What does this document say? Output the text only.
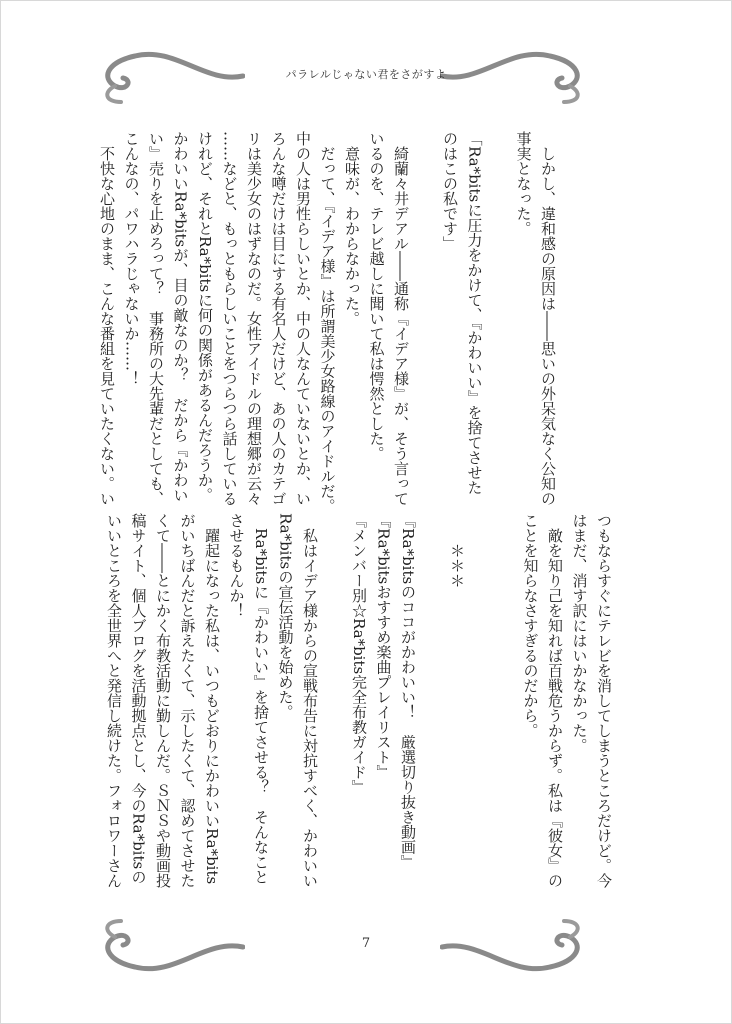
パラレルじゃない君をさがすよ
　しかし、違和感の原因は――思いの外呆気なく公知の
事実となった。
「Ra*bitsに圧力をかけて、『かわいい』を捨てさせた
のはこの私です」
　綺蘭々井デアル――通称『イデア様』が、そう言って
いるのを、テレビ越しに聞いて私は愕然とした。
　意味が、わからなかった。
　だって、『イデア様』は所謂美少女路線のアイドルだ。
中の人は男性らしいとか、中の人なんていないとか、い
ろんな噂だけは目にする有名人だけど、あの人のカテゴ
リは美少女のはずなのだ。女性アイドルの理想郷が云々
……などと、もっともらしいことをつらつら話している
けれど、それとRa*bitsに何の関係があるんだろうか。
かわいいRa*bitsが、目の敵なのか？　だから『かわい
い』売りを止めろって？　事務所の大先輩だとしても、
こんなの、パワハラじゃないか……！
　不快な心地のまま、こんな番組を見ていたくない。い
つもならすぐにテレビを消してしまうところだけど。今
はまだ、消す訳にはいかなかった。
　敵を知り己を知れば百戦危うからず。私は『彼女』の
ことを知らなさすぎるのだから。
　　＊＊＊
『Ra*bitsのココがかわいい！　厳選切り抜き動画』
『Ra*bitsおすすめ楽曲プレイリスト』
『メンバー別☆Ra*bits完全布教ガイド』
　私はイデア様からの宣戦布告に対抗すべく、かわいい
Ra*bitsの宣伝活動を始めた。
　Ra*bitsに『かわいい』を捨てさせる？　そんなこと
させるもんか！
　躍起になった私は、いつもどおりにかわいいRa*bits
がいちばんだと訴えたくて、示したくて、認めてさせた
くて――とにかく布教活動に勤しんだ。ＳＮＳや動画投
稿サイト、個人ブログを活動拠点とし、今のRa*bitsの
いいところを全世界へと発信し続けた。フォロワーさん
7
